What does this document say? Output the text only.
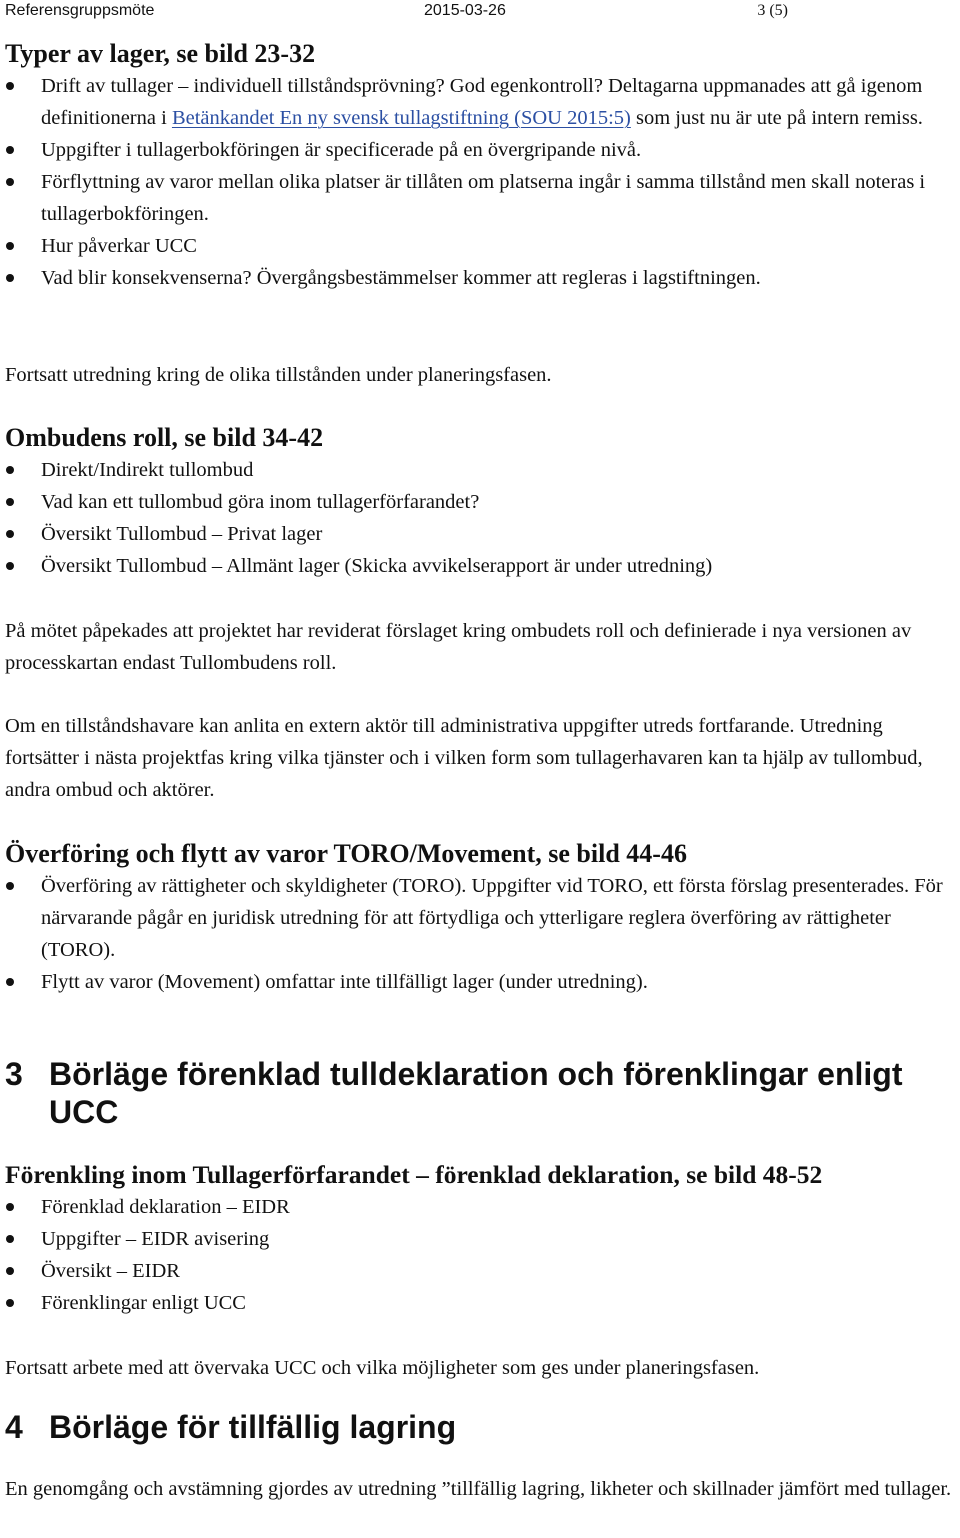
Referensgruppsmöte	2015-03-26	3 (5)
Typer av lager, se bild 23-32
Drift av tullager – individuell tillståndsprövning? God egenkontroll? Deltagarna uppmanades att gå igenom definitionerna i Betänkandet En ny svensk tullagstiftning (SOU 2015:5) som just nu är ute på intern remiss.
Uppgifter i tullagerbokföringen är specificerade på en övergripande nivå.
Förflyttning av varor mellan olika platser är tillåten om platserna ingår i samma tillstånd men skall noteras i tullagerbokföringen.
Hur påverkar UCC
Vad blir konsekvenserna? Övergångsbestämmelser kommer att regleras i lagstiftningen.

Fortsatt utredning kring de olika tillstånden under planeringsfasen.

Ombudens roll, se bild 34-42
Direkt/Indirekt tullombud
Vad kan ett tullombud göra inom tullagerförfarandet?
Översikt Tullombud – Privat lager
Översikt Tullombud – Allmänt lager (Skicka avvikelserapport är under utredning)

På mötet påpekades att projektet har reviderat förslaget kring ombudets roll och definierade i nya versionen av processkartan endast Tullombudens roll.

Om en tillståndshavare kan anlita en extern aktör till administrativa uppgifter utreds fortfarande. Utredning fortsätter i nästa projektfas kring vilka tjänster och i vilken form som tullagerhavaren kan ta hjälp av tullombud, andra ombud och aktörer.

Överföring och flytt av varor TORO/Movement, se bild 44-46
Överföring av rättigheter och skyldigheter (TORO). Uppgifter vid TORO, ett första förslag presenterades. För närvarande pågår en juridisk utredning för att förtydliga och ytterligare reglera överföring av rättigheter (TORO).
Flytt av varor (Movement) omfattar inte tillfälligt lager (under utredning).
3 Börläge förenklad tulldeklaration och förenklingar enligt UCC
Förenkling inom Tullagerförfarandet – förenklad deklaration, se bild 48-52
Förenklad deklaration – EIDR
Uppgifter – EIDR avisering
Översikt – EIDR
Förenklingar enligt UCC

Fortsatt arbete med att övervaka UCC och vilka möjligheter som ges under planeringsfasen.

4 Börläge för tillfällig lagring

En genomgång och avstämning gjordes av utredning ”tillfällig lagring, likheter och skillnader jämfört med tullager.
